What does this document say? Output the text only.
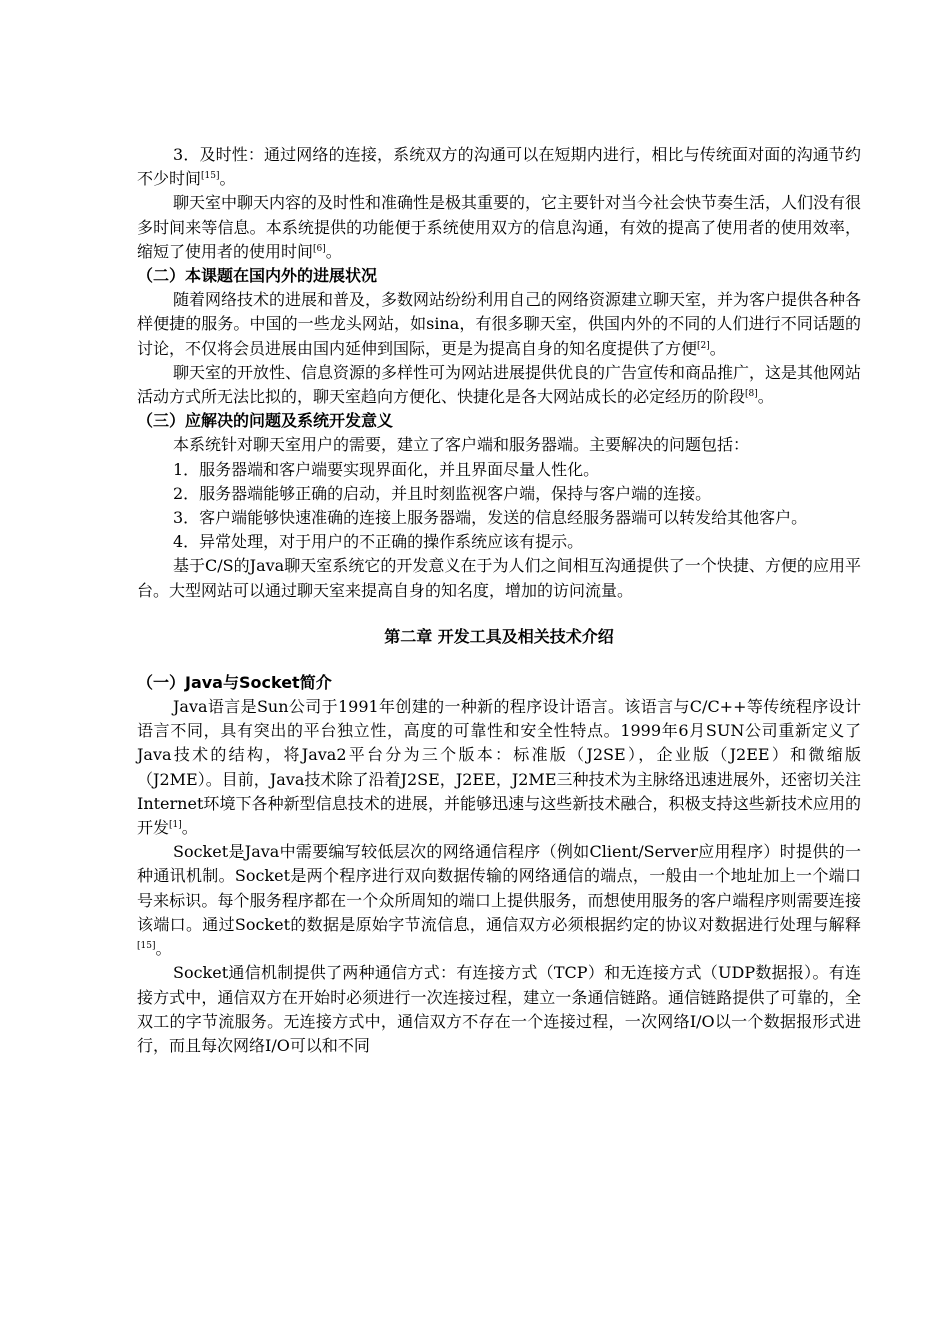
3．及时性：通过网络的连接，系统双方的沟通可以在短期内进行，相比与传统面对面的沟通节约不少时间[15]。

聊天室中聊天内容的及时性和准确性是极其重要的，它主要针对当今社会快节奏生活，人们没有很多时间来等信息。本系统提供的功能便于系统使用双方的信息沟通，有效的提高了使用者的使用效率，缩短了使用者的使用时间[6]。

（二）本课题在国内外的进展状况

随着网络技术的进展和普及，多数网站纷纷利用自己的网络资源建立聊天室，并为客户提供各种各样便捷的服务。中国的一些龙头网站，如sina，有很多聊天室，供国内外的不同的人们进行不同话题的讨论，不仅将会员进展由国内延伸到国际，更是为提高自身的知名度提供了方便[2]。

聊天室的开放性、信息资源的多样性可为网站进展提供优良的广告宣传和商品推广，这是其他网站活动方式所无法比拟的，聊天室趋向方便化、快捷化是各大网站成长的必定经历的阶段[8]。

（三）应解决的问题及系统开发意义

本系统针对聊天室用户的需要，建立了客户端和服务器端。主要解决的问题包括：

1．服务器端和客户端要实现界面化，并且界面尽量人性化。

2．服务器端能够正确的启动，并且时刻监视客户端，保持与客户端的连接。

3．客户端能够快速准确的连接上服务器端，发送的信息经服务器端可以转发给其他客户。

4．异常处理，对于用户的不正确的操作系统应该有提示。

基于C/S的Java聊天室系统它的开发意义在于为人们之间相互沟通提供了一个快捷、方便的应用平台。大型网站可以通过聊天室来提高自身的知名度，增加的访问流量。

第二章 开发工具及相关技术介绍
（一）Java与Socket简介

Java语言是Sun公司于1991年创建的一种新的程序设计语言。该语言与C/C++等传统程序设计语言不同，具有突出的平台独立性，高度的可靠性和安全性特点。1999年6月SUN公司重新定义了Java技术的结构，将Java2平台分为三个版本：标准版（J2SE），企业版（J2EE）和微缩版（J2ME）。目前，Java技术除了沿着J2SE，J2EE，J2ME三种技术为主脉络迅速进展外，还密切关注Internet环境下各种新型信息技术的进展，并能够迅速与这些新技术融合，积极支持这些新技术应用的开发[1]。

Socket是Java中需要编写较低层次的网络通信程序（例如Client/Server应用程序）时提供的一种通讯机制。Socket是两个程序进行双向数据传输的网络通信的端点，一般由一个地址加上一个端口号来标识。每个服务程序都在一个众所周知的端口上提供服务，而想使用服务的客户端程序则需要连接该端口。通过Socket的数据是原始字节流信息，通信双方必须根据约定的协议对数据进行处理与解释[15]。

Socket通信机制提供了两种通信方式：有连接方式（TCP）和无连接方式（UDP数据报）。有连接方式中，通信双方在开始时必须进行一次连接过程，建立一条通信链路。通信链路提供了可靠的，全双工的字节流服务。无连接方式中，通信双方不存在一个连接过程，一次网络I/O以一个数据报形式进行，而且每次网络I/O可以和不同
